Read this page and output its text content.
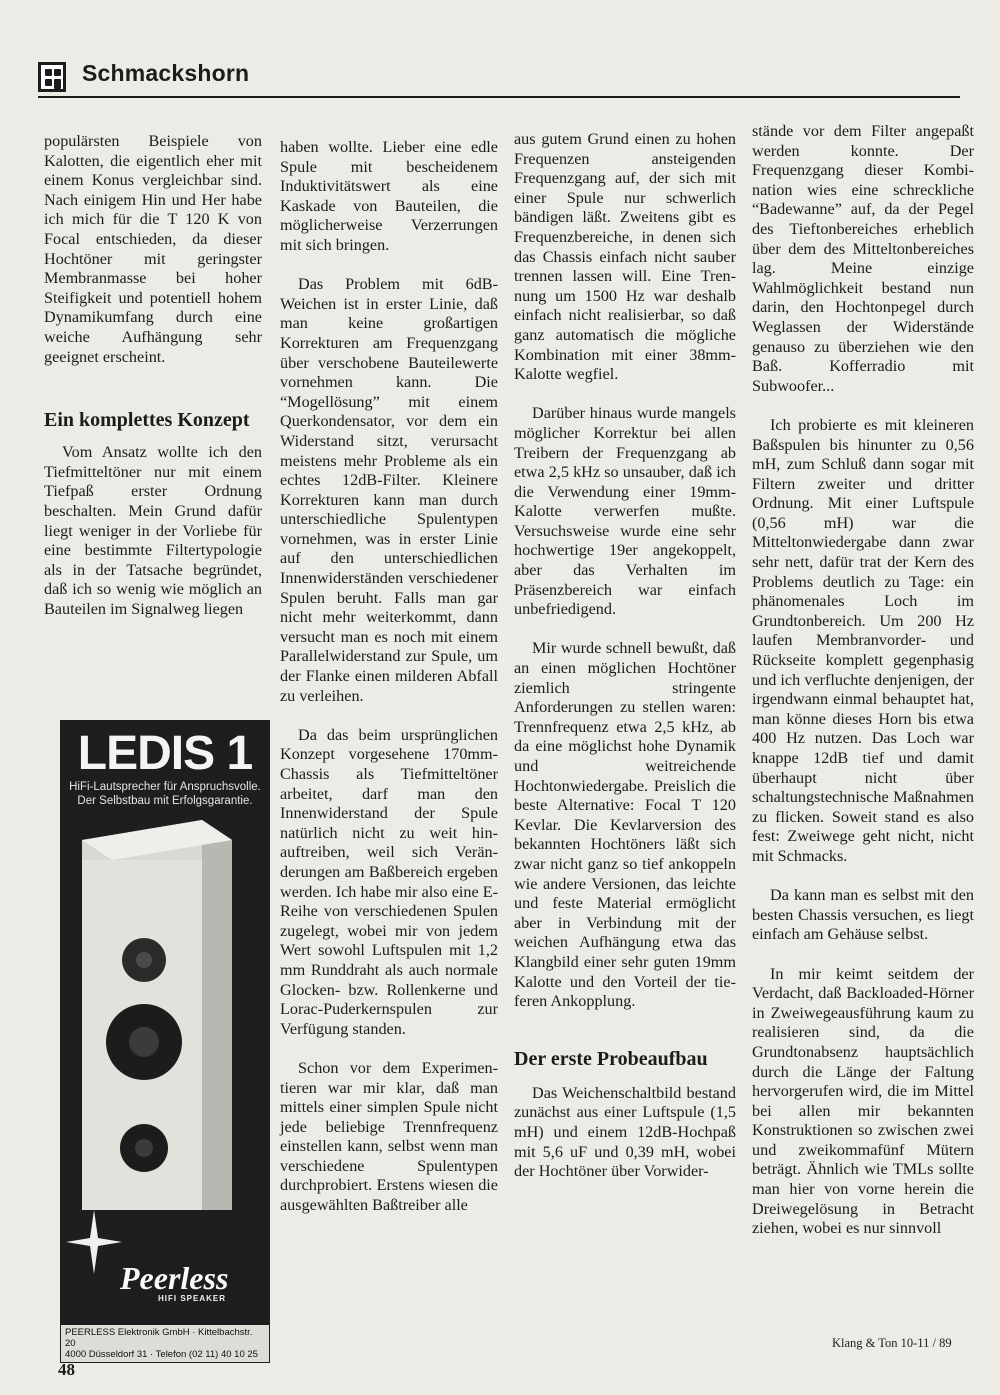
Schmackshorn

populärsten Beispiele von Kalotten, die eigentlich eher mit einem Konus vergleichbar sind. Nach einigem Hin und Her habe ich mich für die T 120 K von Focal entschieden, da dieser Hochtöner mit geringster Membranmasse bei hoher Steifigkeit und potentiell hohem Dynamikumfang durch eine weiche Aufhängung sehr geeignet erscheint.

Ein komplettes Konzept

Vom Ansatz wollte ich den Tiefmitteltöner nur mit einem Tiefpaß erster Ordnung beschalten. Mein Grund dafür liegt weniger in der Vorliebe für eine bestimmte Filtertypologie als in der Tatsache begründet, daß ich so wenig wie möglich an Bauteilen im Signalweg liegen

haben wollte. Lieber eine edle Spule mit bescheidenem Induktivitätswert als eine Kaskade von Bauteilen, die möglicherweise Verzerrungen mit sich bringen.

Das Problem mit 6dB-Weichen ist in erster Linie, daß man keine großartigen Korrekturen am Frequenzgang über verschobene Bauteilewerte vornehmen kann. Die “Mogellösung” mit einem Querkondensator, vor dem ein Widerstand sitzt, verursacht meistens mehr Probleme als ein echtes 12dB-Filter. Kleinere Korrekturen kann man durch unterschiedliche Spulentypen vornehmen, was in erster Linie auf den unterschiedlichen Innenwiderständen verschiedener Spulen beruht. Falls man gar nicht mehr weiterkommt, dann versucht man es noch mit einem Parallelwiderstand zur Spule, um der Flanke einen milderen Abfall zu verleihen.

Da das beim ursprünglichen Konzept vorgesehene 170mm-Chassis als Tiefmitteltöner arbeitet, darf man den Innenwiderstand der Spule natürlich nicht zu weit hinauftreiben, weil sich Veränderungen am Baßbereich ergeben werden. Ich habe mir also eine E-Reihe von verschiedenen Spulen zugelegt, wobei mir von jedem Wert sowohl Luftspulen mit 1,2 mm Runddraht als auch normale Glocken- bzw. Rollenkerne und Lorac-Puderkernspulen zur Verfügung standen.

Schon vor dem Experimentieren war mir klar, daß man mittels einer simplen Spule nicht jede beliebige Trennfrequenz einstellen kann, selbst wenn man verschiedene Spulentypen durchprobiert. Erstens wiesen die ausgewählten Baßtreiber alle

aus gutem Grund einen zu hohen Frequenzen ansteigenden Frequenzgang auf, der sich mit einer Spule nur schwerlich bändigen läßt. Zweitens gibt es Frequenzbereiche, in denen sich das Chassis einfach nicht sauber trennen lassen will. Eine Trennung um 1500 Hz war deshalb einfach nicht realisierbar, so daß ganz automatisch die mögliche Kombination mit einer 38mm-Kalotte wegfiel.

Darüber hinaus wurde mangels möglicher Korrektur bei allen Treibern der Frequenzgang ab etwa 2,5 kHz so unsauber, daß ich die Verwendung einer 19mm-Kalotte verwerfen mußte. Versuchsweise wurde eine sehr hochwertige 19er angekoppelt, aber das Verhalten im Präsenzbereich war einfach unbefriedigend.

Mir wurde schnell bewußt, daß an einen möglichen Hochtöner ziemlich stringente Anforderungen zu stellen waren: Trennfrequenz etwa 2,5 kHz, ab da eine möglichst hohe Dynamik und weitreichende Hochtonwiedergabe. Preislich die beste Alternative: Focal T 120 Kevlar. Die Kevlarversion des bekannten Hochtöners läßt sich zwar nicht ganz so tief ankoppeln wie andere Versionen, das leichte und feste Material ermöglicht aber in Verbindung mit der weichen Aufhängung etwa das Klangbild einer sehr guten 19mm Kalotte und den Vorteil der tieferen Ankopplung.

Der erste Probeaufbau

Das Weichenschaltbild bestand zunächst aus einer Luftspule (1,5 mH) und einem 12dB-Hochpaß mit 5,6 uF und 0,39 mH, wobei der Hochtöner über Vorwider-

stände vor dem Filter angepaßt werden konnte. Der Frequenzgang dieser Kombination wies eine schreckliche “Badewanne” auf, da der Pegel des Tieftonbereiches erheblich über dem des Mitteltonbereiches lag. Meine einzige Wahlmöglichkeit bestand nun darin, den Hochtonpegel durch Weglassen der Widerstände genauso zu überziehen wie den Baß. Kofferradio mit Subwoofer...

Ich probierte es mit kleineren Baßspulen bis hinunter zu 0,56 mH, zum Schluß dann sogar mit Filtern zweiter und dritter Ordnung. Mit einer Luftspule (0,56 mH) war die Mitteltonwiedergabe dann zwar sehr nett, dafür trat der Kern des Problems deutlich zu Tage: ein phänomenales Loch im Grundtonbereich. Um 200 Hz laufen Membranvorder- und Rückseite komplett gegenphasig und ich verfluchte denjenigen, der irgendwann einmal behauptet hat, man könne dieses Horn bis etwa 400 Hz nutzen. Das Loch war knappe 12dB tief und damit überhaupt nicht über schaltungstechnische Maßnahmen zu flicken. Soweit stand es also fest: Zweiwege geht nicht, nicht mit Schmacks.

Da kann man es selbst mit den besten Chassis versuchen, es liegt einfach am Gehäuse selbst.

In mir keimt seitdem der Verdacht, daß Backloaded-Hörner in Zweiwegeausführung kaum zu realisieren sind, da die Grundtonabsenz hauptsächlich durch die Länge der Faltung hervorgerufen wird, die im Mittel bei allen mir bekannten Konstruktionen so zwischen zwei und zweikommafünf Mütern beträgt. Ähnlich wie TMLs sollte man hier von vorne herein die Dreiwegelösung in Betracht ziehen, wobei es nur sinnvoll

LEDIS 1
HiFi-Lautsprecher für Anspruchsvolle.
Der Selbstbau mit Erfolgsgarantie.
Peerless
HIFI SPEAKER
PEERLESS Elektronik GmbH · Kittelbachstr. 20
4000 Düsseldorf 31 · Telefon (02 11) 40 10 25
48
Klang & Ton 10-11 / 89
